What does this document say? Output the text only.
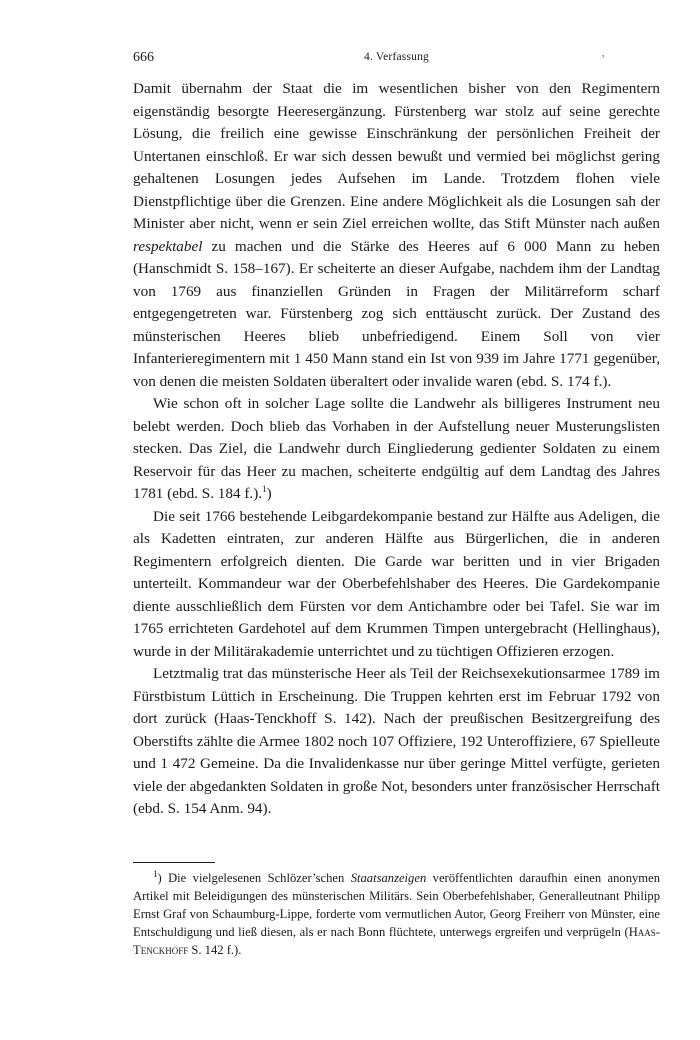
666	4. Verfassung	'

Damit übernahm der Staat die im wesentlichen bisher von den Regimentern eigenständig besorgte Heeresergänzung. Fürstenberg war stolz auf seine gerechte Lösung, die freilich eine gewisse Einschränkung der persönlichen Freiheit der Untertanen einschloß. Er war sich dessen bewußt und vermied bei möglichst gering gehaltenen Losungen jedes Aufsehen im Lande. Trotzdem flohen viele Dienstpflichtige über die Grenzen. Eine andere Möglichkeit als die Losungen sah der Minister aber nicht, wenn er sein Ziel erreichen wollte, das Stift Münster nach außen respektabel zu machen und die Stärke des Heeres auf 6 000 Mann zu heben (Hanschmidt S. 158–167). Er scheiterte an dieser Aufgabe, nachdem ihm der Landtag von 1769 aus finanziellen Gründen in Fragen der Militärreform scharf entgegengetreten war. Fürstenberg zog sich enttäuscht zurück. Der Zustand des münsterischen Heeres blieb unbefriedigend. Einem Soll von vier Infanterieregimentern mit 1 450 Mann stand ein Ist von 939 im Jahre 1771 gegenüber, von denen die meisten Soldaten überaltert oder invalide waren (ebd. S. 174 f.).

Wie schon oft in solcher Lage sollte die Landwehr als billigeres Instrument neu belebt werden. Doch blieb das Vorhaben in der Aufstellung neuer Musterungslisten stecken. Das Ziel, die Landwehr durch Eingliederung gedienter Soldaten zu einem Reservoir für das Heer zu machen, scheiterte endgültig auf dem Landtag des Jahres 1781 (ebd. S. 184 f.).$^1$)

Die seit 1766 bestehende Leibgardekompanie bestand zur Hälfte aus Adeligen, die als Kadetten eintraten, zur anderen Hälfte aus Bürgerlichen, die in anderen Regimentern erfolgreich dienten. Die Garde war beritten und in vier Brigaden unterteilt. Kommandeur war der Oberbefehlshaber des Heeres. Die Gardekompanie diente ausschließlich dem Fürsten vor dem Antichambre oder bei Tafel. Sie war im 1765 errichteten Gardehotel auf dem Krummen Timpen untergebracht (Hellinghaus), wurde in der Militärakademie unterrichtet und zu tüchtigen Offizieren erzogen.

Letztmalig trat das münsterische Heer als Teil der Reichsexekutionsarmee 1789 im Fürstbistum Lüttich in Erscheinung. Die Truppen kehrten erst im Februar 1792 von dort zurück (Haas-Tenckhoff S. 142). Nach der preußischen Besitzergreifung des Oberstifts zählte die Armee 1802 noch 107 Offiziere, 192 Unteroffiziere, 67 Spielleute und 1 472 Gemeine. Da die Invalidenkasse nur über geringe Mittel verfügte, gerieten viele der abgedankten Soldaten in große Not, besonders unter französischer Herrschaft (ebd. S. 154 Anm. 94).

$^1$) Die vielgelesenen Schlözer’schen Staatsanzeigen veröffentlichten daraufhin einen anonymen Artikel mit Beleidigungen des münsterischen Militärs. Sein Oberbefehlshaber, Generalleutnant Philipp Ernst Graf von Schaumburg-Lippe, forderte vom vermutlichen Autor, Georg Freiherr von Münster, eine Entschuldigung und ließ diesen, als er nach Bonn flüchtete, unterwegs ergreifen und verprügeln (Haas-Tenckhoff S. 142 f.).
